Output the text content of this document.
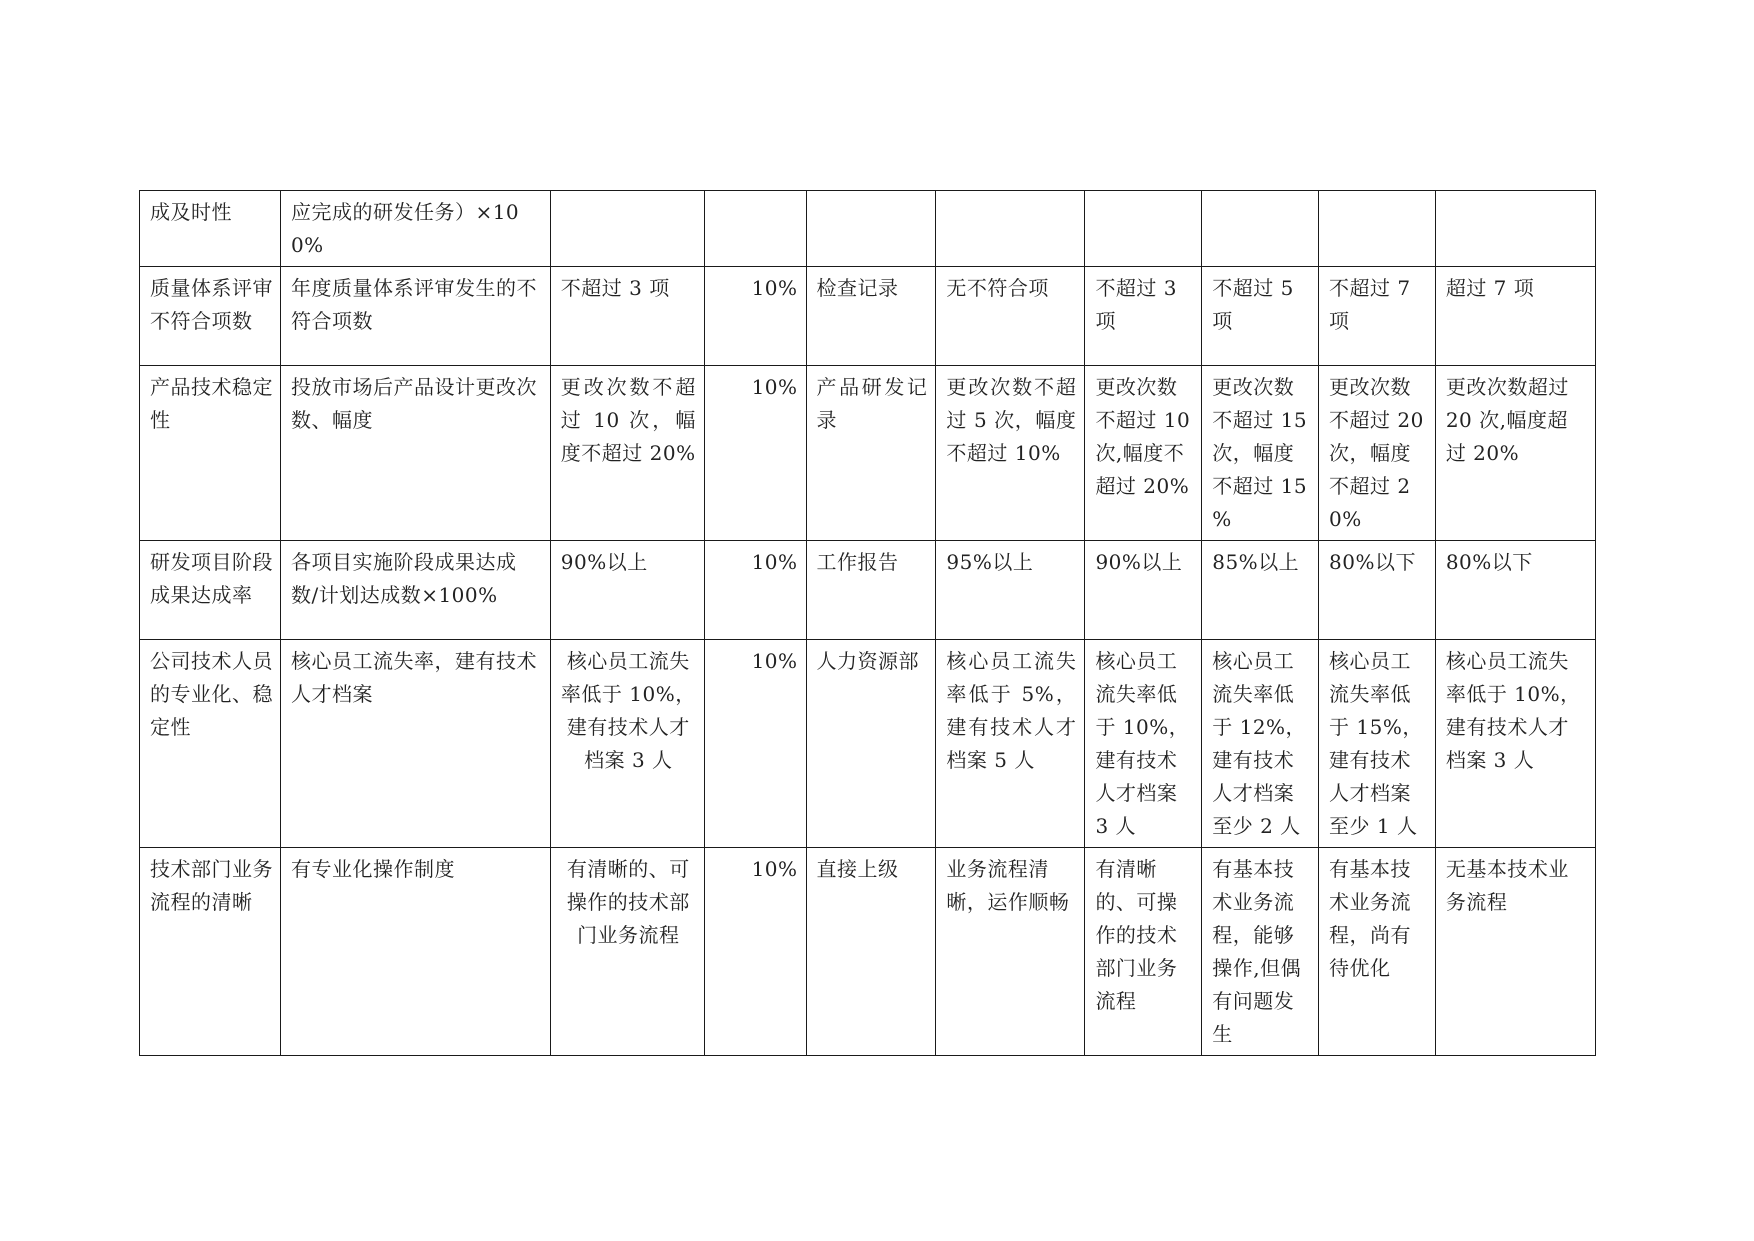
成及时性	应完成的研发任务）×100%								
质量体系评审不符合项数	年度质量体系评审发生的不符合项数	不超过 3 项	10%	检查记录	无不符合项	不超过 3 项	不超过 5 项	不超过 7 项	超过 7 项
产品技术稳定性	投放市场后产品设计更改次数、幅度	更改次数不超过 10 次，幅度不超过 20%	10%	产品研发记录	更改次数不超过 5 次，幅度不超过 10%	更改次数不超过 10 次,幅度不超过 20%	更改次数不超过 15 次，幅度不超过 15 %	更改次数不超过 20 次，幅度不超过 20%	更改次数超过 20 次,幅度超过 20%
研发项目阶段成果达成率	各项目实施阶段成果达成数/计划达成数×100%	90%以上	10%	工作报告	95%以上	90%以上	85%以上	80%以下	80%以下
公司技术人员的专业化、稳定性	核心员工流失率，建有技术人才档案	核心员工流失率低于 10%，建有技术人才档案 3 人	10%	人力资源部	核心员工流失率低于 5%，建有技术人才档案 5 人	核心员工流失率低于 10%，建有技术人才档案 3 人	核心员工流失率低于 12%，建有技术人才档案至少 2 人	核心员工流失率低于 15%，建有技术人才档案至少 1 人	核心员工流失率低于 10%，建有技术人才档案 3 人
技术部门业务流程的清晰	有专业化操作制度	有清晰的、可操作的技术部门业务流程	10%	直接上级	业务流程清晰，运作顺畅	有清晰的、可操作的技术部门业务流程	有基本技术业务流程，能够操作,但偶有问题发生	有基本技术业务流程，尚有待优化	无基本技术业务流程
